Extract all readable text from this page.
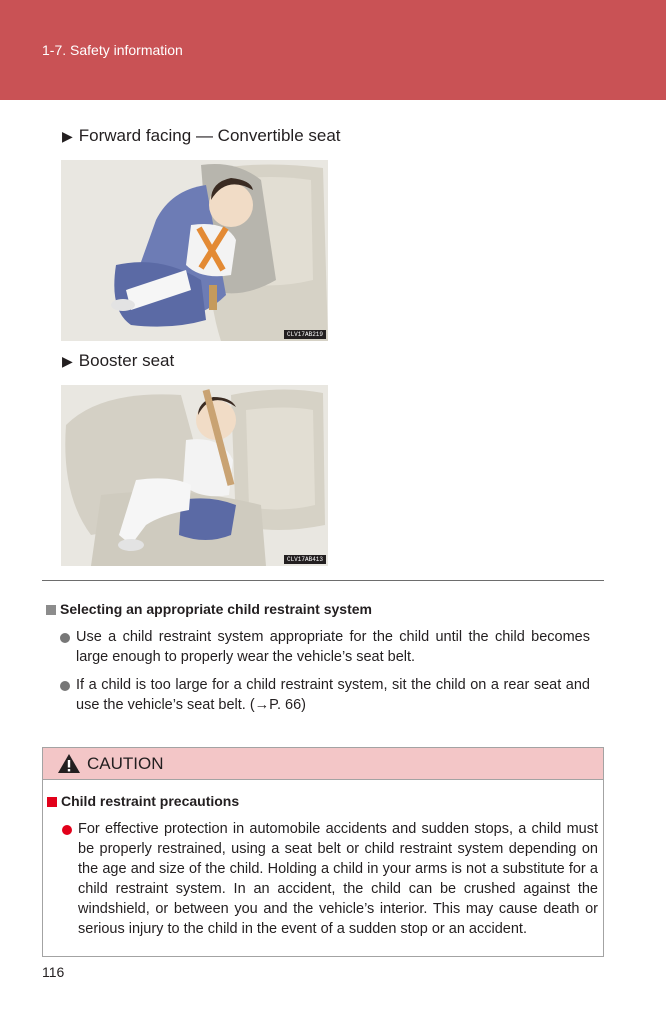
1-7. Safety information
▶ Forward facing — Convertible seat
CLV17AB219
▶ Booster seat
CLV17AB413
Selecting an appropriate child restraint system
Use a child restraint system appropriate for the child until the child becomes large enough to properly wear the vehicle’s seat belt.
If a child is too large for a child restraint system, sit the child on a rear seat and use the vehicle’s seat belt. (→P. 66)
CAUTION
Child restraint precautions
For effective protection in automobile accidents and sudden stops, a child must be properly restrained, using a seat belt or child restraint system depending on the age and size of the child. Holding a child in your arms is not a substitute for a child restraint system. In an accident, the child can be crushed against the windshield, or between you and the vehicle’s interior. This may cause death or serious injury to the child in the event of a sudden stop or an accident.
116
